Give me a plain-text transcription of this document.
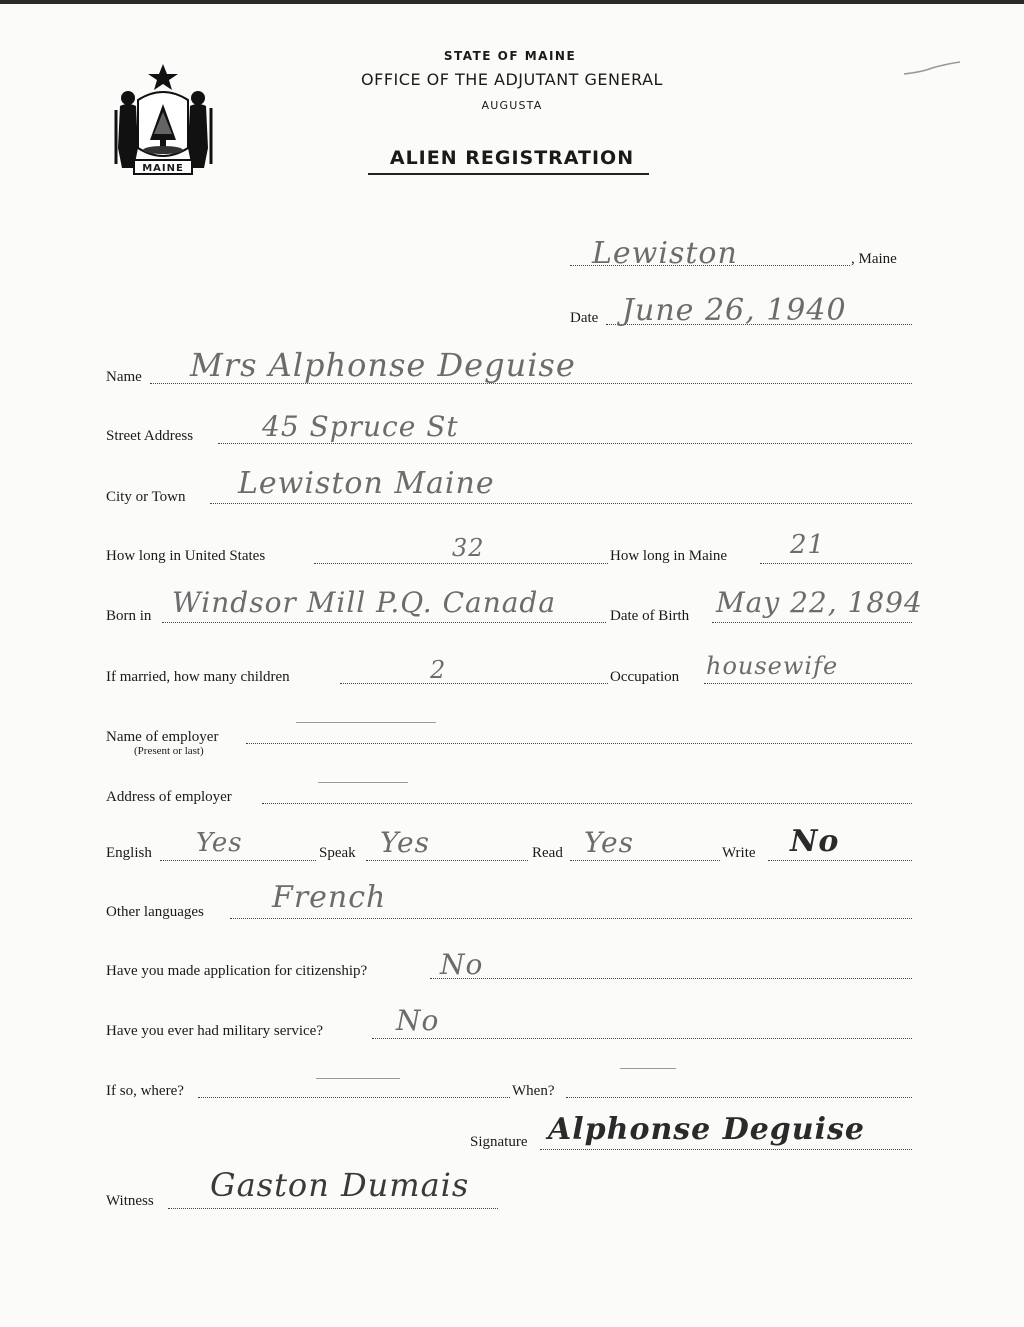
MAINE
STATE OF MAINE
OFFICE OF THE ADJUTANT GENERAL
AUGUSTA
ALIEN REGISTRATION
Lewiston	, Maine
Date June 26, 1940
Name Mrs Alphonse Deguise
Street Address 45 Spruce St
City or Town Lewiston Maine
How long in United States	32	How long in Maine 21
Born in Windsor Mill P.Q. Canada	Date of Birth May 22, 1894
If married, how many children	2	Occupation housewife
Name of employer
(Present or last)
Address of employer
English Yes	Speak Yes	Read Yes	Write No
Other languages French
Have you made application for citizenship?	No
Have you ever had military service?	No
If so, where?	When?
Signature Alphonse Deguise
Witness Gaston Dumais
